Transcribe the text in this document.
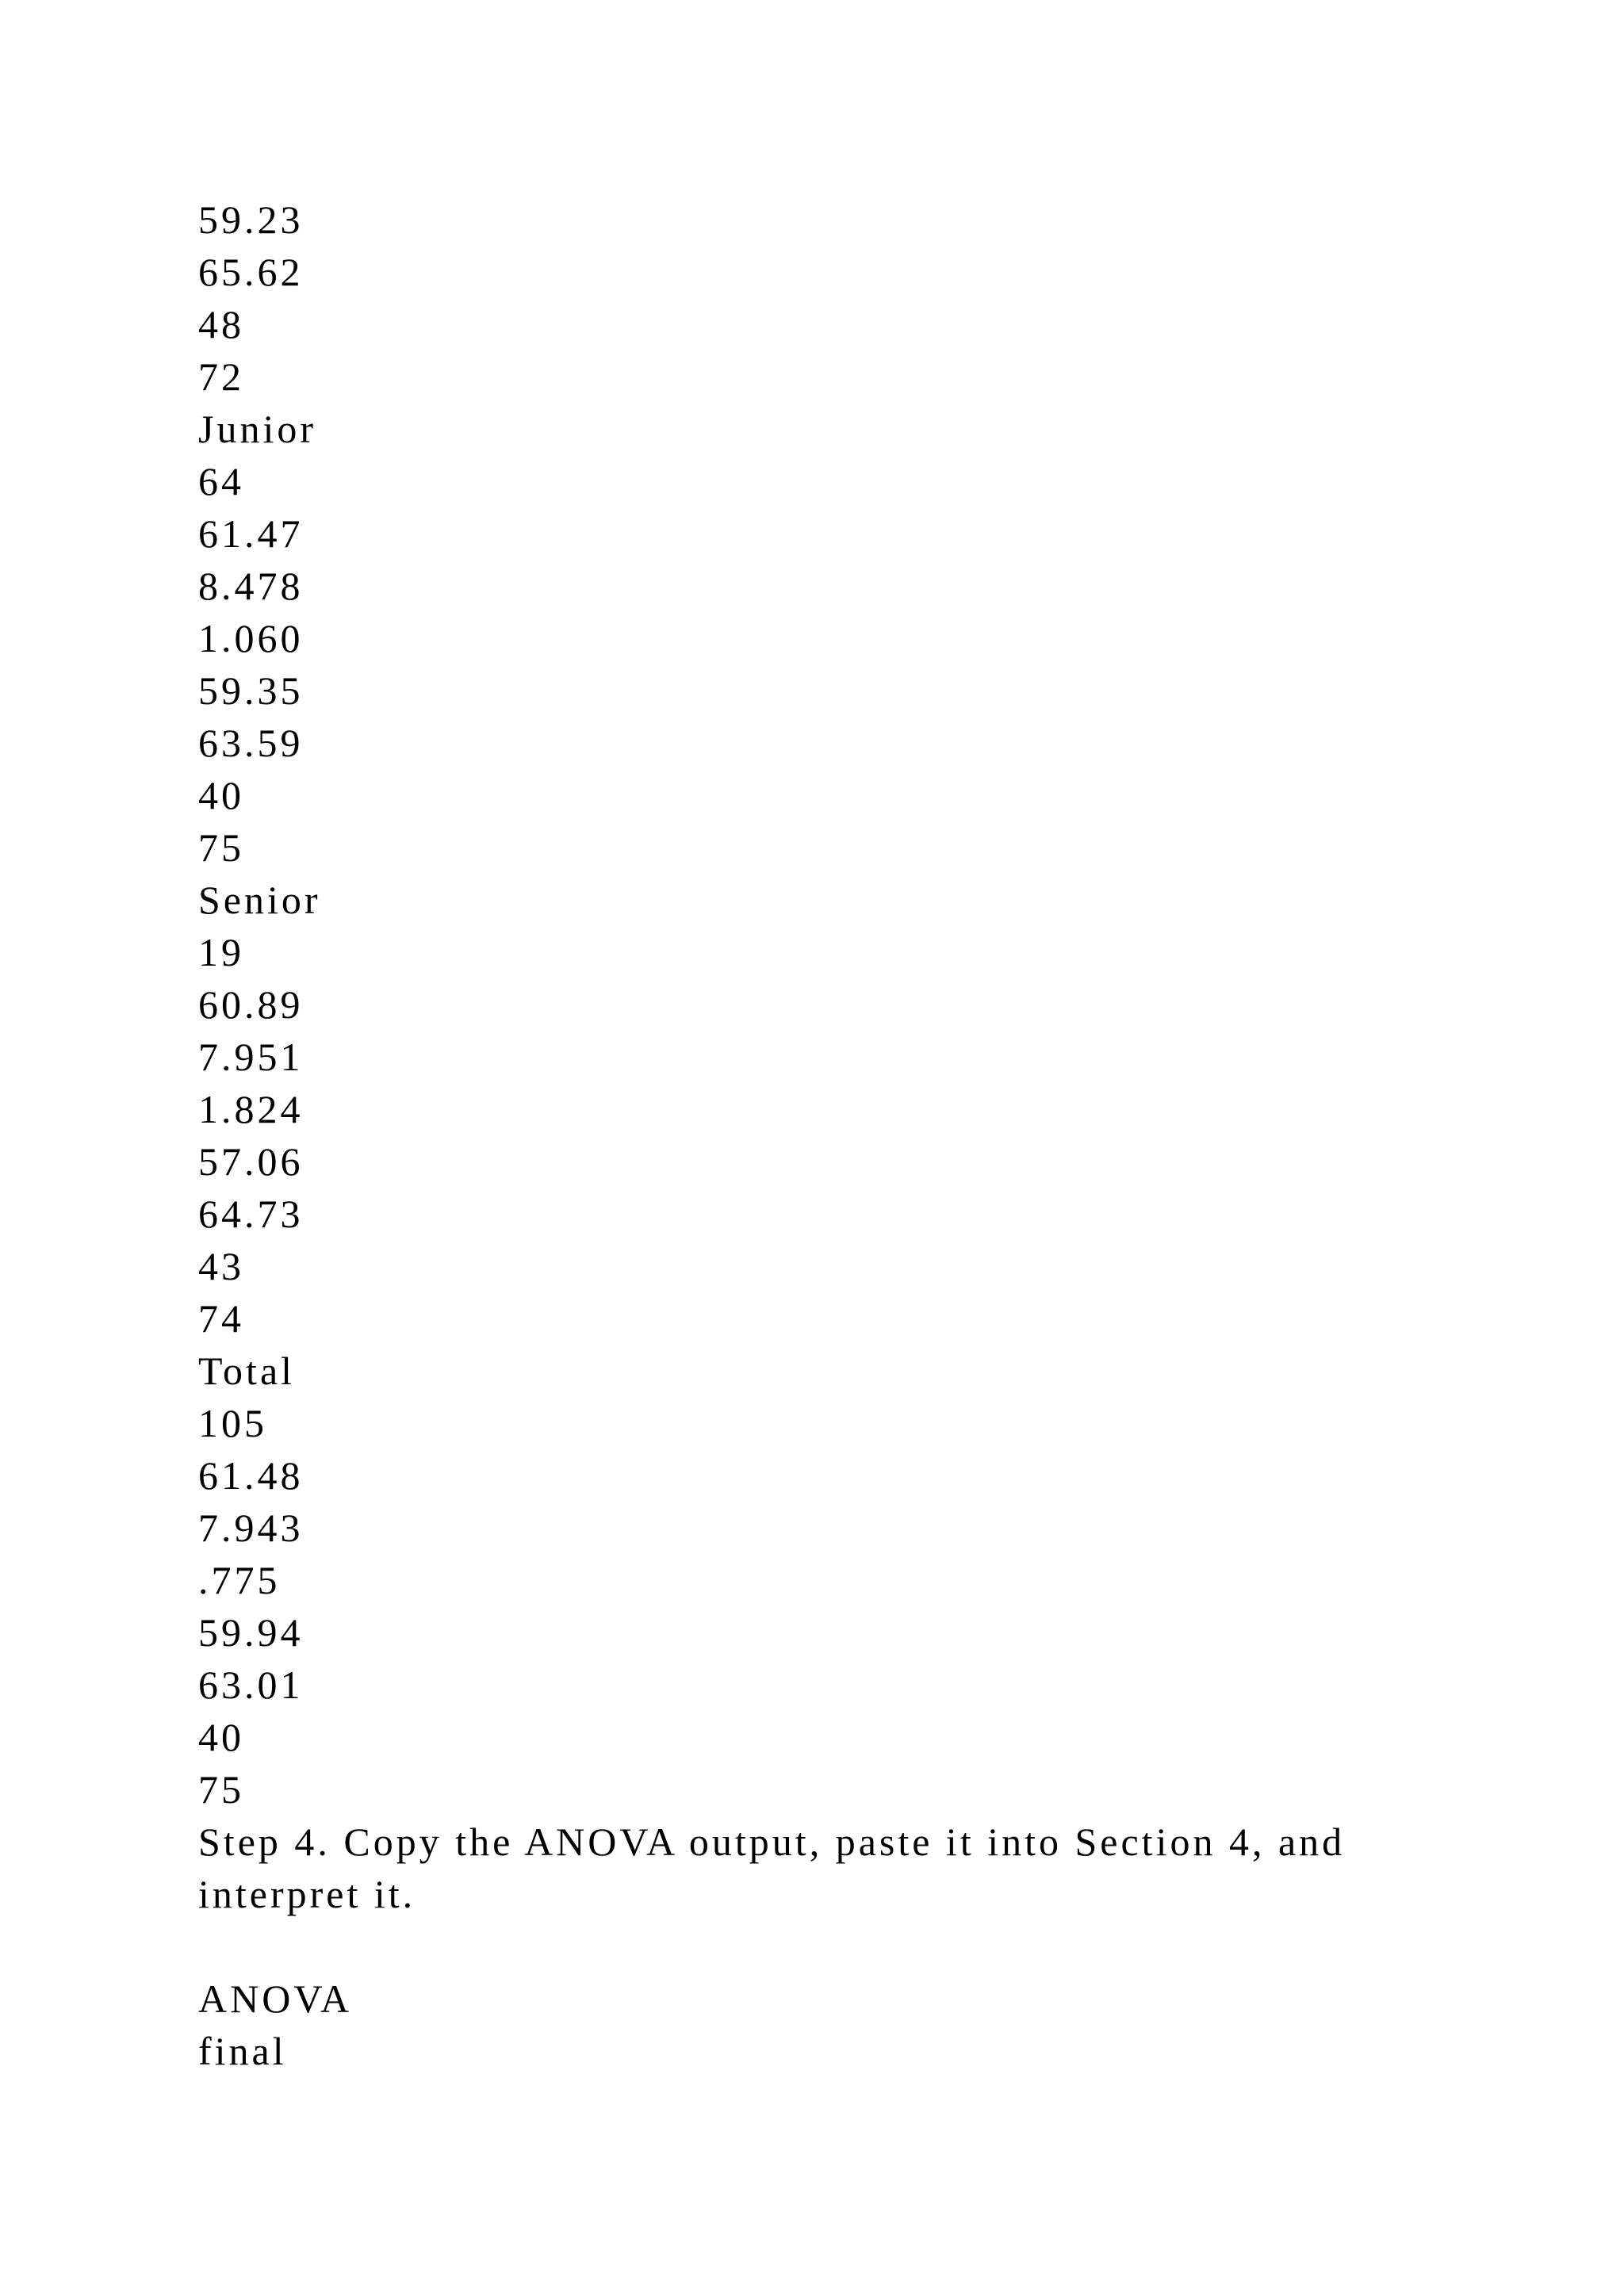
59.23
65.62
48
72
Junior
64
61.47
8.478
1.060
59.35
63.59
40
75
Senior
19
60.89
7.951
1.824
57.06
64.73
43
74
Total
105
61.48
7.943
.775
59.94
63.01
40
75
Step 4. Copy the ANOVA output, paste it into Section 4, and
interpret it.
ANOVA
final
